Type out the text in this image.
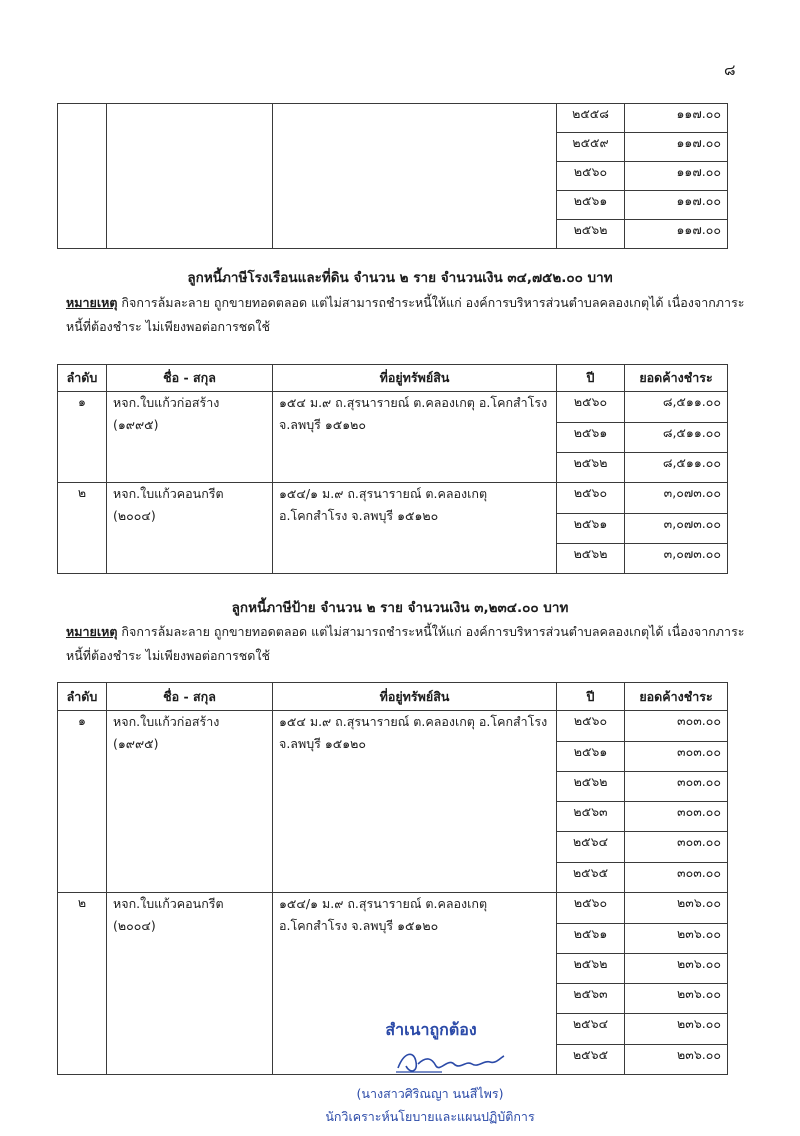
๘
			๒๕๕๘	๑๑๗.๐๐
			๒๕๕๙	๑๑๗.๐๐
			๒๕๖๐	๑๑๗.๐๐
			๒๕๖๑	๑๑๗.๐๐
			๒๕๖๒	๑๑๗.๐๐
ลูกหนี้ภาษีโรงเรือนและที่ดิน จำนวน ๒ ราย จำนวนเงิน ๓๔,๗๕๒.๐๐ บาท
หมายเหตุ กิจการล้มละลาย ถูกขายทอดตลอด แต่ไม่สามารถชำระหนี้ให้แก่ องค์การบริหารส่วนตำบลคลองเกตุได้ เนื่องจากภาระหนี้ที่ต้องชำระ ไม่เพียงพอต่อการชดใช้
ลำดับ	ชื่อ - สกุล	ที่อยู่ทรัพย์สิน	ปี	ยอดค้างชำระ
๑	หจก.ใบแก้วก่อสร้าง (๑๙๙๕)	๑๕๔ ม.๙ ถ.สุรนารายณ์ ต.คลองเกตุ อ.โคกสำโรง จ.ลพบุรี ๑๕๑๒๐	๒๕๖๐	๘,๕๑๑.๐๐
			๒๕๖๑	๘,๕๑๑.๐๐
			๒๕๖๒	๘,๕๑๑.๐๐
๒	หจก.ใบแก้วคอนกรีต (๒๐๐๔)	๑๕๔/๑ ม.๙ ถ.สุรนารายณ์ ต.คลองเกตุ อ.โคกสำโรง จ.ลพบุรี ๑๕๑๒๐	๒๕๖๐	๓,๐๗๓.๐๐
			๒๕๖๑	๓,๐๗๓.๐๐
			๒๕๖๒	๓,๐๗๓.๐๐
ลูกหนี้ภาษีป้าย จำนวน ๒ ราย จำนวนเงิน ๓,๒๓๔.๐๐ บาท
หมายเหตุ กิจการล้มละลาย ถูกขายทอดตลอด แต่ไม่สามารถชำระหนี้ให้แก่ องค์การบริหารส่วนตำบลคลองเกตุได้ เนื่องจากภาระหนี้ที่ต้องชำระ ไม่เพียงพอต่อการชดใช้
ลำดับ	ชื่อ - สกุล	ที่อยู่ทรัพย์สิน	ปี	ยอดค้างชำระ
๑	หจก.ใบแก้วก่อสร้าง (๑๙๙๕)	๑๕๔ ม.๙ ถ.สุรนารายณ์ ต.คลองเกตุ อ.โคกสำโรง จ.ลพบุรี ๑๕๑๒๐	๒๕๖๐	๓๐๓.๐๐
			๒๕๖๑	๓๐๓.๐๐
			๒๕๖๒	๓๐๓.๐๐
			๒๕๖๓	๓๐๓.๐๐
			๒๕๖๔	๓๐๓.๐๐
			๒๕๖๕	๓๐๓.๐๐
๒	หจก.ใบแก้วคอนกรีต (๒๐๐๔)	๑๕๔/๑ ม.๙ ถ.สุรนารายณ์ ต.คลองเกตุ อ.โคกสำโรง จ.ลพบุรี ๑๕๑๒๐	๒๕๖๐	๒๓๖.๐๐
			๒๕๖๑	๒๓๖.๐๐
			๒๕๖๒	๒๓๖.๐๐
			๒๕๖๓	๒๓๖.๐๐
			๒๕๖๔	๒๓๖.๐๐
			๒๕๖๕	๒๓๖.๐๐
สำเนาถูกต้อง
(นางสาวศิริณญา นนสีไพร)
นักวิเคราะห์นโยบายและแผนปฏิบัติการ
